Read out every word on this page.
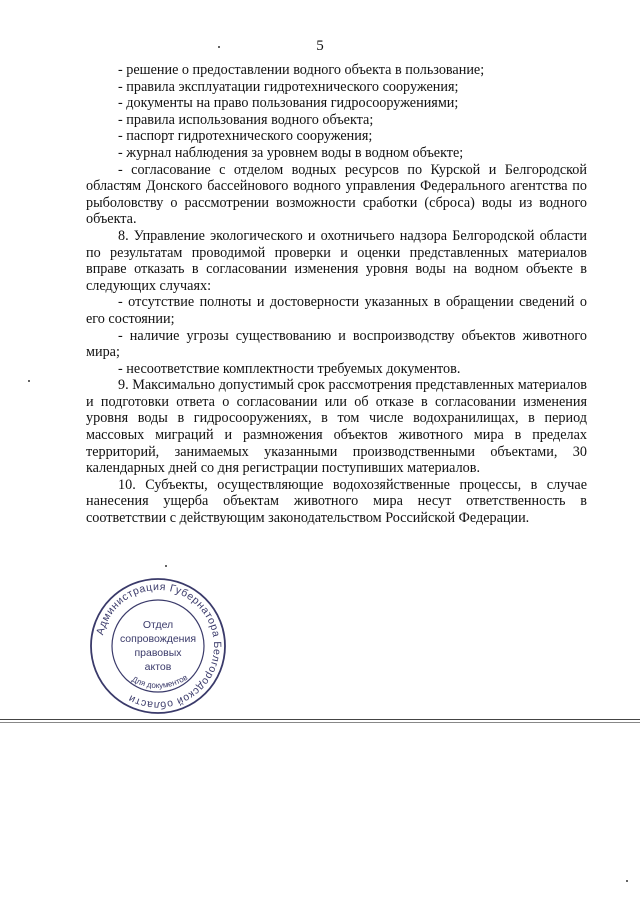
5

- решение о предоставлении водного объекта в пользование;

- правила эксплуатации гидротехнического сооружения;

- документы на право пользования гидросооружениями;

- правила использования водного объекта;

- паспорт гидротехнического сооружения;

- журнал наблюдения за уровнем воды в водном объекте;

- согласование с отделом водных ресурсов по Курской и Белгородской областям Донского бассейнового водного управления Федерального агентства по рыболовству о рассмотрении возможности сработки (сброса) воды из водного объекта.

8. Управление экологического и охотничьего надзора Белгородской области по результатам проводимой проверки и оценки представленных материалов вправе отказать в согласовании изменения уровня воды на водном объекте в следующих случаях:

- отсутствие полноты и достоверности указанных в обращении сведений о его состоянии;

- наличие угрозы существованию и воспроизводству объектов животного мира;

- несоответствие комплектности требуемых документов.

9. Максимально допустимый срок рассмотрения представленных материалов и подготовки ответа о согласовании или об отказе в согласовании изменения уровня воды в гидросооружениях, в том числе водохранилищах, в период массовых миграций и размножения объектов животного мира в пределах территорий, занимаемых указанными производственными объектами, 30 календарных дней со дня регистрации поступивших материалов.

10. Субъекты, осуществляющие водохозяйственные процессы, в случае нанесения ущерба объектам животного мира несут ответственность в соответствии с действующим законодательством Российской Федерации.

Администрация Губернатора Белгородской области
Отдел
сопровождения
правовых
актов
Для документов
